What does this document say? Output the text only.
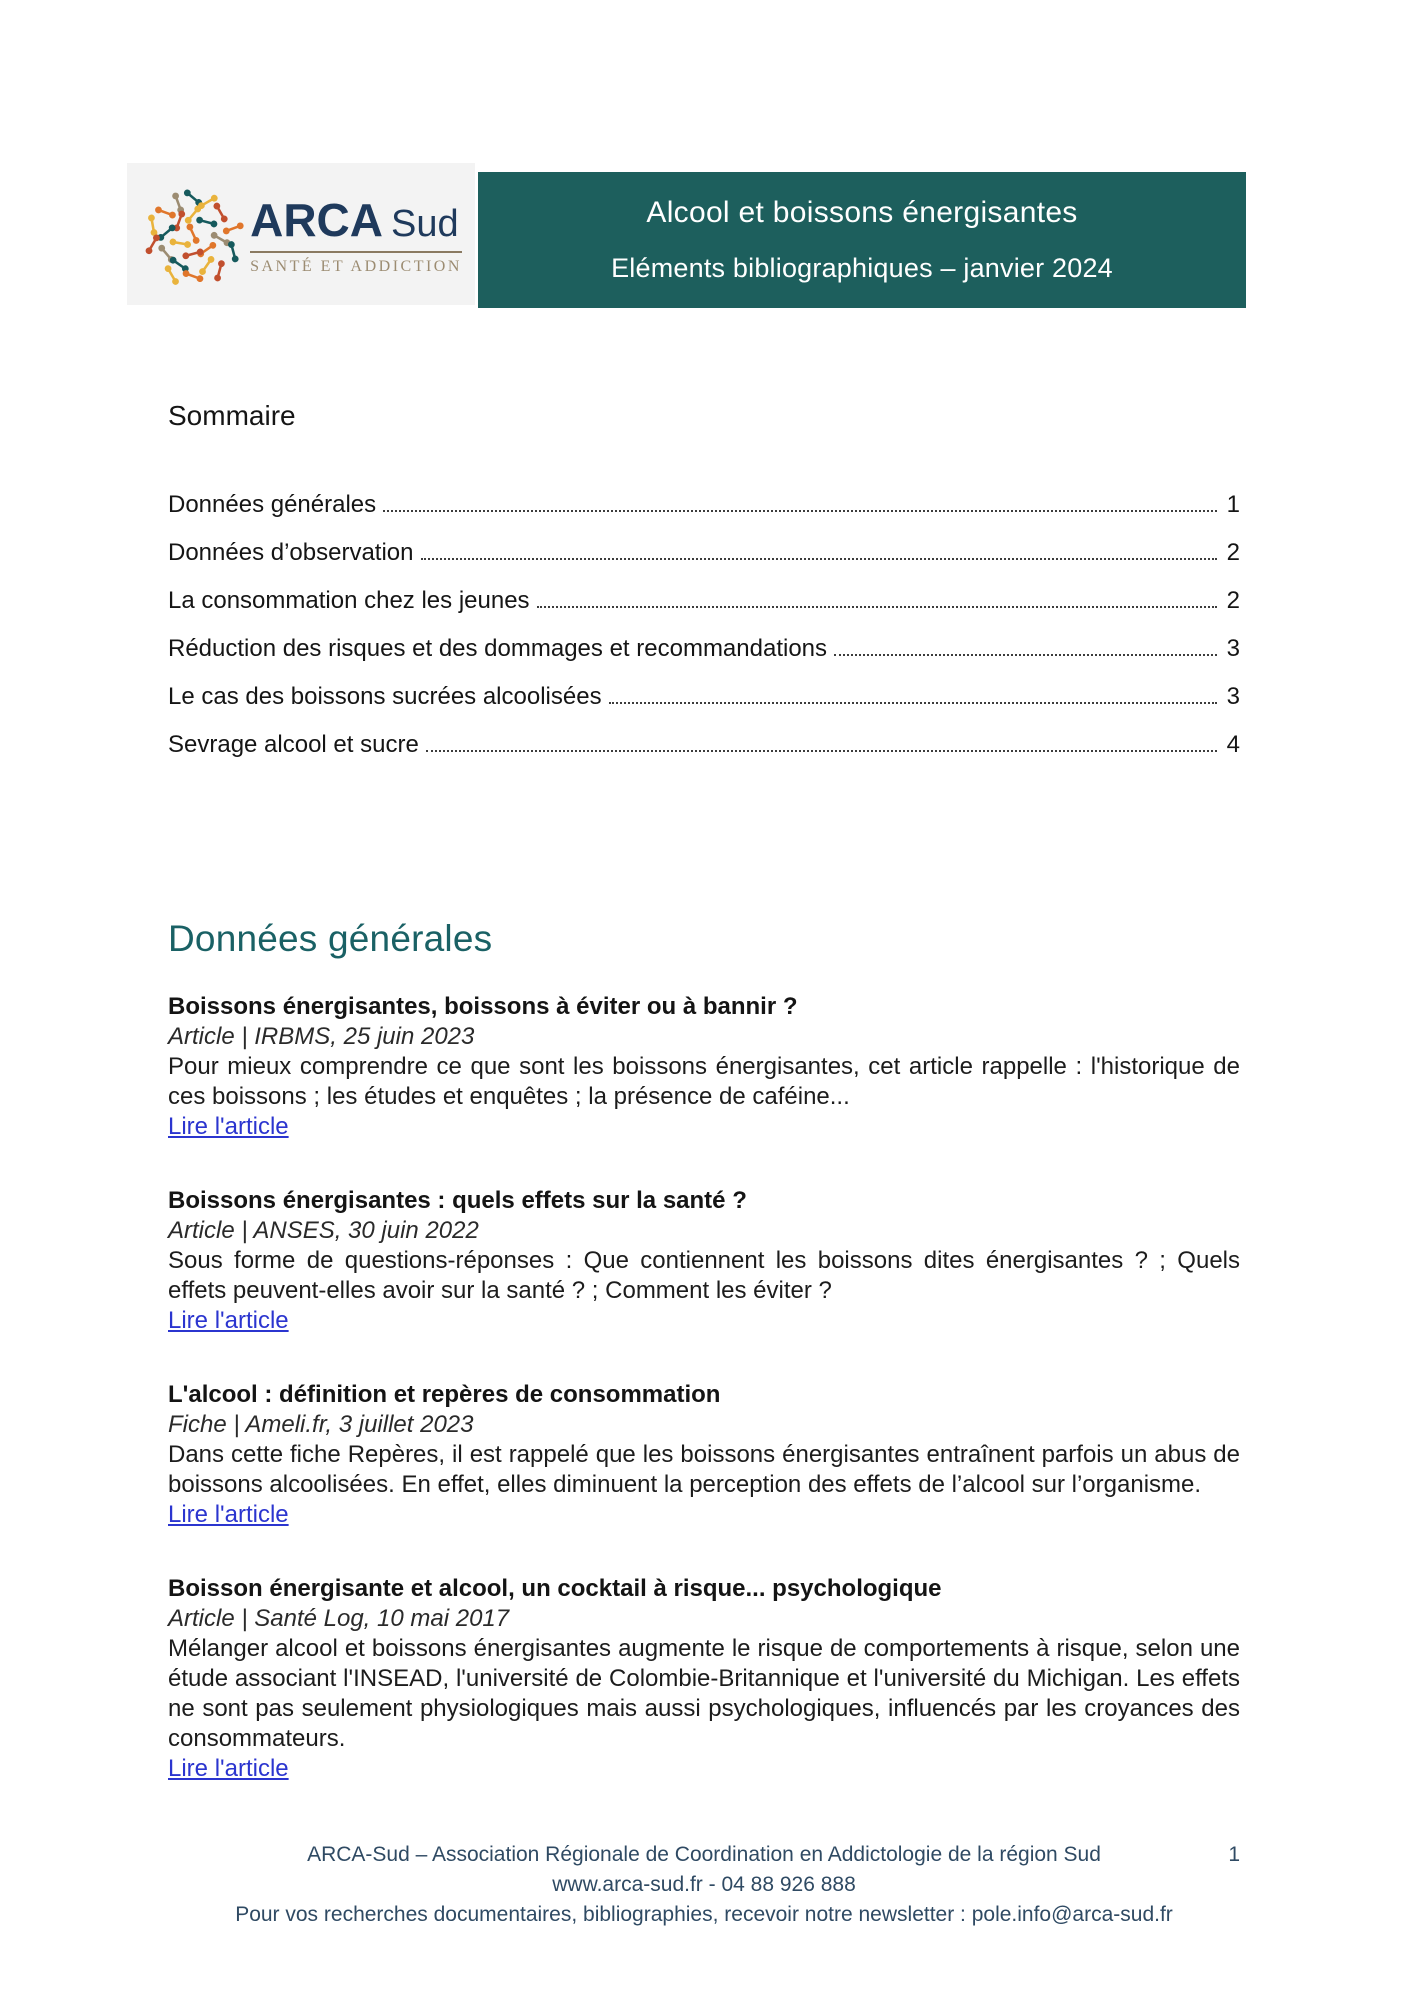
ARCA Sud
SANTÉ ET ADDICTION
Alcool et boissons énergisantes
Eléments bibliographiques – janvier 2024
Sommaire
Données générales	1
Données d’observation	2
La consommation chez les jeunes	2
Réduction des risques et des dommages et recommandations	3
Le cas des boissons sucrées alcoolisées	3
Sevrage alcool et sucre	4
Données générales
Boissons énergisantes, boissons à éviter ou à bannir ?
Article | IRBMS, 25 juin 2023

Pour mieux comprendre ce que sont les boissons énergisantes, cet article rappelle : l'historique de ces boissons ; les études et enquêtes ; la présence de caféine...

Lire l'article
Boissons énergisantes : quels effets sur la santé ?
Article | ANSES, 30 juin 2022

Sous forme de questions-réponses : Que contiennent les boissons dites énergisantes ? ; Quels effets peuvent-elles avoir sur la santé ? ; Comment les éviter ?

Lire l'article
L'alcool : définition et repères de consommation
Fiche | Ameli.fr, 3 juillet 2023

Dans cette fiche Repères, il est rappelé que les boissons énergisantes entraînent parfois un abus de boissons alcoolisées. En effet, elles diminuent la perception des effets de l’alcool sur l’organisme.

Lire l'article
Boisson énergisante et alcool, un cocktail à risque... psychologique
Article | Santé Log, 10 mai 2017

Mélanger alcool et boissons énergisantes augmente le risque de comportements à risque, selon une étude associant l'INSEAD, l'université de Colombie-Britannique et l'université du Michigan. Les effets ne sont pas seulement physiologiques mais aussi psychologiques, influencés par les croyances des consommateurs.

Lire l'article
ARCA-Sud – Association Régionale de Coordination en Addictologie de la région Sud
www.arca-sud.fr - 04 88 926 888
Pour vos recherches documentaires, bibliographies, recevoir notre newsletter : pole.info@arca-sud.fr
1
